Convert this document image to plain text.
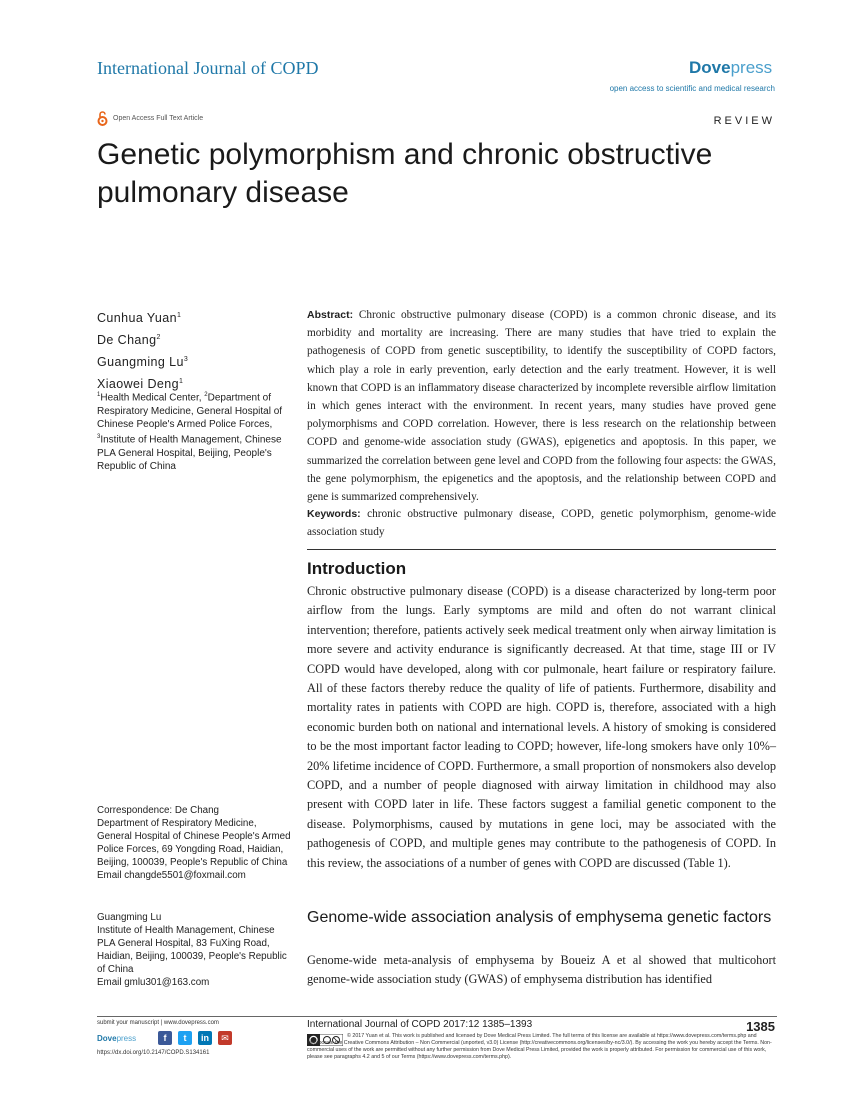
International Journal of COPD	Dovepress
open access to scientific and medical research
Open Access Full Text Article	REVIEW
Genetic polymorphism and chronic obstructive pulmonary disease
Cunhua Yuan$^1$
De Chang$^2$
Guangming Lu$^3$
Xiaowei Deng$^1$
$^1$Health Medical Center, $^2$Department of Respiratory Medicine, General Hospital of Chinese People's Armed Police Forces, $^3$Institute of Health Management, Chinese PLA General Hospital, Beijing, People's Republic of China
Correspondence: De Chang
Department of Respiratory Medicine, General Hospital of Chinese People's Armed Police Forces, 69 Yongding Road, Haidian, Beijing, 100039, People's Republic of China
Email changde5501@foxmail.com
Guangming Lu
Institute of Health Management, Chinese PLA General Hospital, 83 FuXing Road, Haidian, Beijing, 100039, People's Republic of China
Email gmlu301@163.com
Abstract: Chronic obstructive pulmonary disease (COPD) is a common chronic disease, and its morbidity and mortality are increasing. There are many studies that have tried to explain the pathogenesis of COPD from genetic susceptibility, to identify the susceptibility of COPD factors, which play a role in early prevention, early detection and the early treatment. However, it is well known that COPD is an inflammatory disease characterized by incomplete reversible airflow limitation in which genes interact with the environment. In recent years, many studies have proved gene polymorphisms and COPD correlation. However, there is less research on the relationship between COPD and genome-wide association study (GWAS), epigenetics and apoptosis. In this paper, we summarized the correlation between gene level and COPD from the following four aspects: the GWAS, the gene polymorphism, the epigenetics and the apoptosis, and the relationship between COPD and gene is summarized comprehensively.
Keywords: chronic obstructive pulmonary disease, COPD, genetic polymorphism, genome-wide association study
Introduction
Chronic obstructive pulmonary disease (COPD) is a disease characterized by long-term poor airflow from the lungs. Early symptoms are mild and often do not warrant clinical intervention; therefore, patients actively seek medical treatment only when airway limitation is more severe and activity endurance is significantly decreased. At that time, stage III or IV COPD would have developed, along with cor pulmonale, heart failure or respiratory failure. All of these factors thereby reduce the quality of life of patients. Furthermore, disability and mortality rates in patients with COPD are high. COPD is, therefore, associated with a high economic burden both on national and international levels. A history of smoking is considered to be the most important factor leading to COPD; however, life-long smokers have only 10%–20% lifetime incidence of COPD. Furthermore, a small proportion of nonsmokers also develop COPD, and a number of people diagnosed with airway limitation in childhood may also present with COPD later in life. These factors suggest a familial genetic component to the disease. Polymorphisms, caused by mutations in gene loci, may be associated with the pathogenesis of COPD, and multiple genes may contribute to the pathogenesis of COPD. In this review, the associations of a number of genes with COPD are discussed (Table 1).
Genome-wide association analysis of emphysema genetic factors
Genome-wide meta-analysis of emphysema by Boueiz A et al showed that multicohort genome-wide association study (GWAS) of emphysema distribution has identified
submit your manuscript | www.dovepress.com
Dovepress	f	t	in	✉
https://dx.doi.org/10.2147/COPD.S134161
International Journal of COPD 2017:12 1385–1393	1385
© 2017 Yuan et al. This work is published and licensed by Dove Medical Press Limited. The full terms of this license are available at https://www.dovepress.com/terms.php and incorporate the Creative Commons Attribution – Non Commercial (unported, v3.0) License (http://creativecommons.org/licenses/by-nc/3.0/). By accessing the work you hereby accept the Terms. Non-commercial uses of the work are permitted without any further permission from Dove Medical Press Limited, provided the work is properly attributed. For permission for commercial use of this work, please see paragraphs 4.2 and 5 of our Terms (https://www.dovepress.com/terms.php).
